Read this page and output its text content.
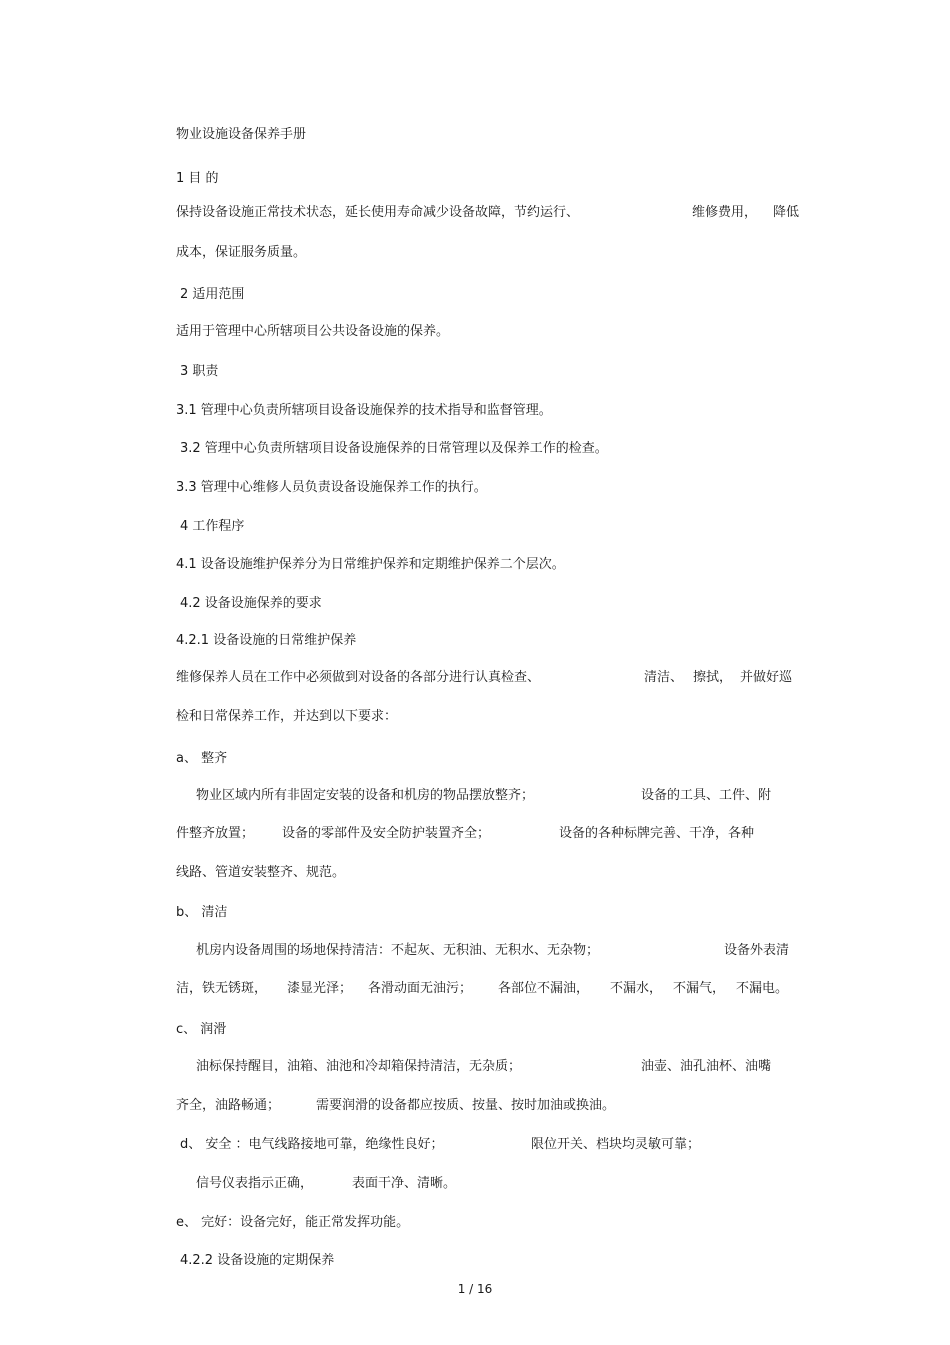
物业设施设备保养手册
1 目 的
保持设备设施正常技术状态，延长使用寿命减少设备故障，节约运行、	维修费用， 降低
成本，保证服务质量。
2 适用范围
适用于管理中心所辖项目公共设备设施的保养。
3 职责
3.1 管理中心负责所辖项目设备设施保养的技术指导和监督管理。
3.2 管理中心负责所辖项目设备设施保养的日常管理以及保养工作的检查。
3.3 管理中心维修人员负责设备设施保养工作的执行。
4 工作程序
4.1 设备设施维护保养分为日常维护保养和定期维护保养二个层次。
4.2 设备设施保养的要求
4.2.1 设备设施的日常维护保养
维修保养人员在工作中必须做到对设备的各部分进行认真检查、	清洁、 擦拭， 并做好巡
检和日常保养工作，并达到以下要求：
a、 整齐
物业区域内所有非固定安装的设备和机房的物品摆放整齐；	设备的工具、工件、附
件整齐放置； 设备的零部件及安全防护装置齐全；	设备的各种标牌完善、干净，各种
线路、管道安装整齐、规范。
b、 清洁
机房内设备周围的场地保持清洁：不起灰、无积油、无积水、无杂物；	设备外表清
洁，铁无锈斑， 漆显光泽； 各滑动面无油污； 各部位不漏油， 不漏水， 不漏气， 不漏电。
c、 润滑
油标保持醒目，油箱、油池和冷却箱保持清洁，无杂质；	油壶、油孔油杯、油嘴
齐全，油路畅通；	需要润滑的设备都应按质、按量、按时加油或换油。
d、 安全 ：电气线路接地可靠，绝缘性良好；	限位开关、档块均灵敏可靠；
信号仪表指示正确，	表面干净、清晰。
e、 完好：设备完好，能正常发挥功能。
4.2.2 设备设施的定期保养
1 / 16
